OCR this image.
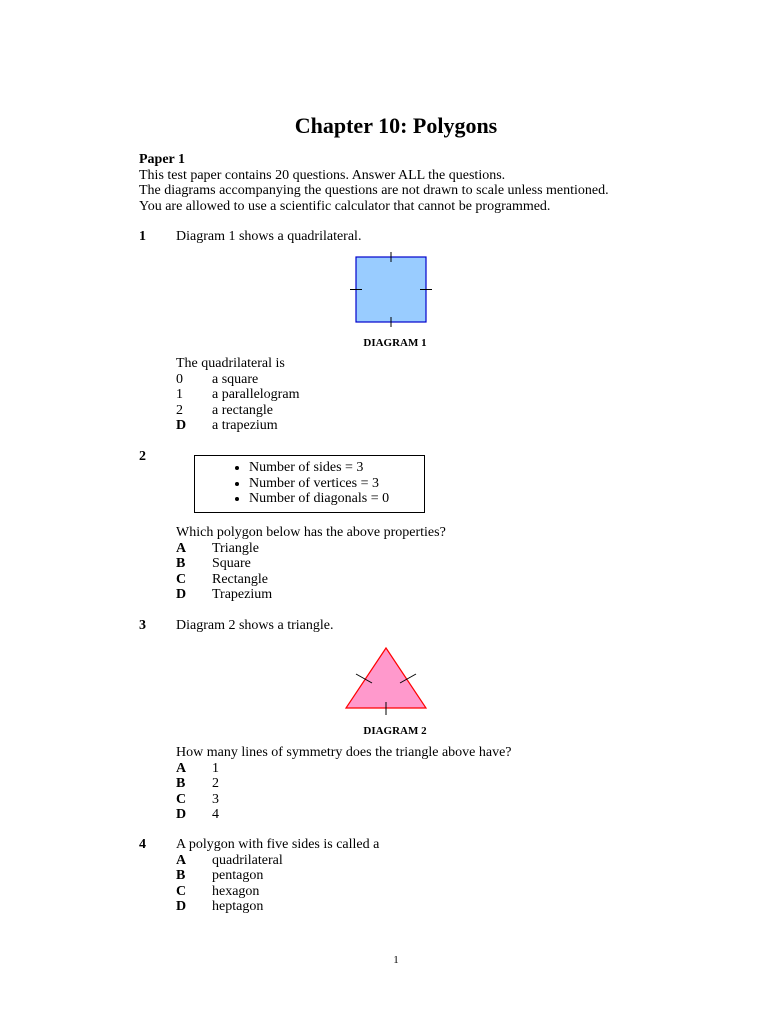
Chapter 10: Polygons
Paper 1
This test paper contains 20 questions. Answer ALL the questions.
The diagrams accompanying the questions are not drawn to scale unless mentioned.
You are allowed to use a scientific calculator that cannot be programmed.
1	Diagram 1 shows a quadrilateral.
DIAGRAM 1
The quadrilateral is
0	a square
1	a parallelogram
2	a rectangle
D	a trapezium
2
• Number of sides = 3
• Number of vertices = 3
• Number of diagonals = 0
Which polygon below has the above properties?
A	Triangle
B	Square
C	Rectangle
D	Trapezium
3	Diagram 2 shows a triangle.
DIAGRAM 2
How many lines of symmetry does the triangle above have?
A	1
B	2
C	3
D	4
4	A polygon with five sides is called a
A	quadrilateral
B	pentagon
C	hexagon
D	heptagon
1
